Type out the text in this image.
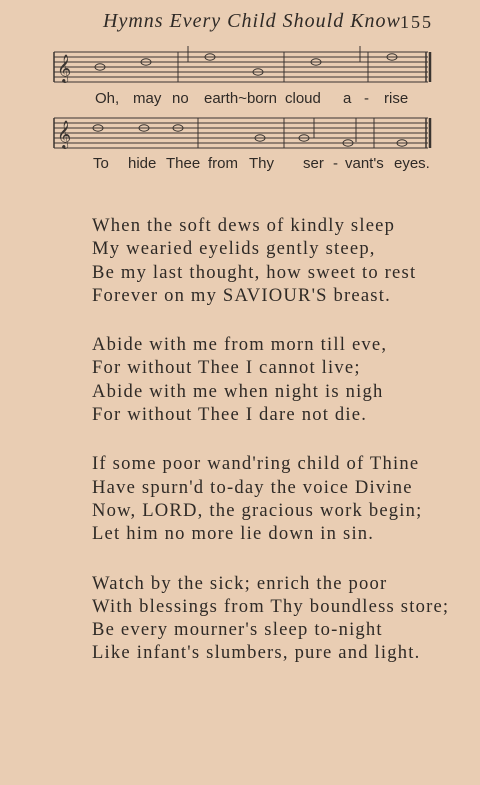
Hymns Every Child Should Know 155
𝄞
Oh, may no earth~born cloud a - rise
𝄞
To hide Thee from Thy ser - vant's eyes.
When the soft dews of kindly sleep
My wearied eyelids gently steep,
Be my last thought, how sweet to rest
Forever on my SAVIOUR'S breast.
Abide with me from morn till eve,
For without Thee I cannot live;
Abide with me when night is nigh
For without Thee I dare not die.
If some poor wand'ring child of Thine
Have spurn'd to-day the voice Divine
Now, LORD, the gracious work begin;
Let him no more lie down in sin.
Watch by the sick; enrich the poor
With blessings from Thy boundless store;
Be every mourner's sleep to-night
Like infant's slumbers, pure and light.
